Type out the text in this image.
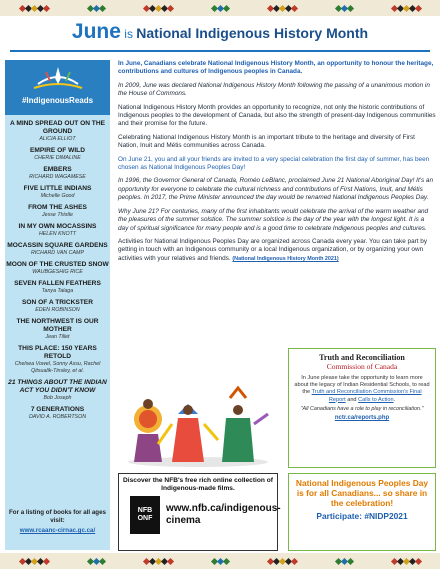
June is National Indigenous History Month
#IndigenousReads
A MIND SPREAD OUT ON THE GROUND
ALICIA ELLIOT
EMPIRE OF WILD
CHERIE DIMALINE
EMBERS
RICHARD WAGAMESE
FIVE LITTLE INDIANS
Michelle Good
FROM THE ASHES
Jesse Thistle
IN MY OWN MOCASSINS
HELEN KNOTT
MOCASSIN SQUARE GARDENS
RICHARD VAN CAMP
MOON OF THE CRUSTED SNOW
WAUBGESHIG RICE
SEVEN FALLEN FEATHERS
Tanya Talaga
SON OF A TRICKSTER
EDEN ROBINSON
THE NORTHWEST IS OUR MOTHER
Jean Tillet
THIS PLACE: 150 YEARS RETOLD
Chelsea Vowel, Sonny Assu, Rachel Qitsualik-Tinsley, et al.
21 THINGS ABOUT THE INDIAN ACT YOU DIDN'T KNOW
Bob Joseph
7 GENERATIONS
DAVID A. ROBERTSON
For a listing of books for all ages visit:
www.rcaanc-cirnac.gc.ca/

In June, Canadians celebrate National Indigenous History Month, an opportunity to honour the heritage, contributions and cultures of Indigenous peoples in Canada.

In 2009, June was declared National Indigenous History Month following the passing of a unanimous motion in the House of Commons.

National Indigenous History Month provides an opportunity to recognize, not only the historic contributions of Indigenous peoples to the development of Canada, but also the strength of present-day Indigenous communities and their promise for the future.

Celebrating National Indigenous History Month is an important tribute to the heritage and diversity of First Nation, Inuit and Métis communities across Canada.

On June 21, you and all your friends are invited to a very special celebration the first day of summer, has been chosen as National Indigenous Peoples Day!

In 1996, the Governor General of Canada, Roméo LeBlanc, proclaimed June 21 National Aboriginal Day! It's an opportunity for everyone to celebrate the cultural richness and contributions of First Nations, Inuit, and Métis peoples. In 2017, the Prime Minister announced the day would be renamed National Indigenous Peoples Day.

Why June 21? For centuries, many of the first inhabitants would celebrate the arrival of the warm weather and the pleasures of the summer solstice. The summer solstice is the day of the year with the longest light. It is a day of spiritual significance for many people and is a good time to celebrate Indigenous peoples and cultures.

Activities for National Indigenous Peoples Day are organized across Canada every year. You can take part by getting in touch with an Indigenous community or a local Indigenous organization, or by organizing your own activities with your relatives and friends. (National Indigenous History Month 2021)

Truth and Reconciliation
Commission of Canada
In June please take the opportunity to learn more about the legacy of Indian Residential Schools, to read the Truth and Reconciliation Commission's Final Report and Calls to Action.
"All Canadians have a role to play in reconciliation."
nctr.ca/reports.php
Discover the NFB's free rich online collection of Indigenous-made films.
NFB
ONF
www.nfb.ca/indigenous-cinema
National Indigenous Peoples Day
is for all Canadians... so share in the celebration!
Participate: #NIDP2021
